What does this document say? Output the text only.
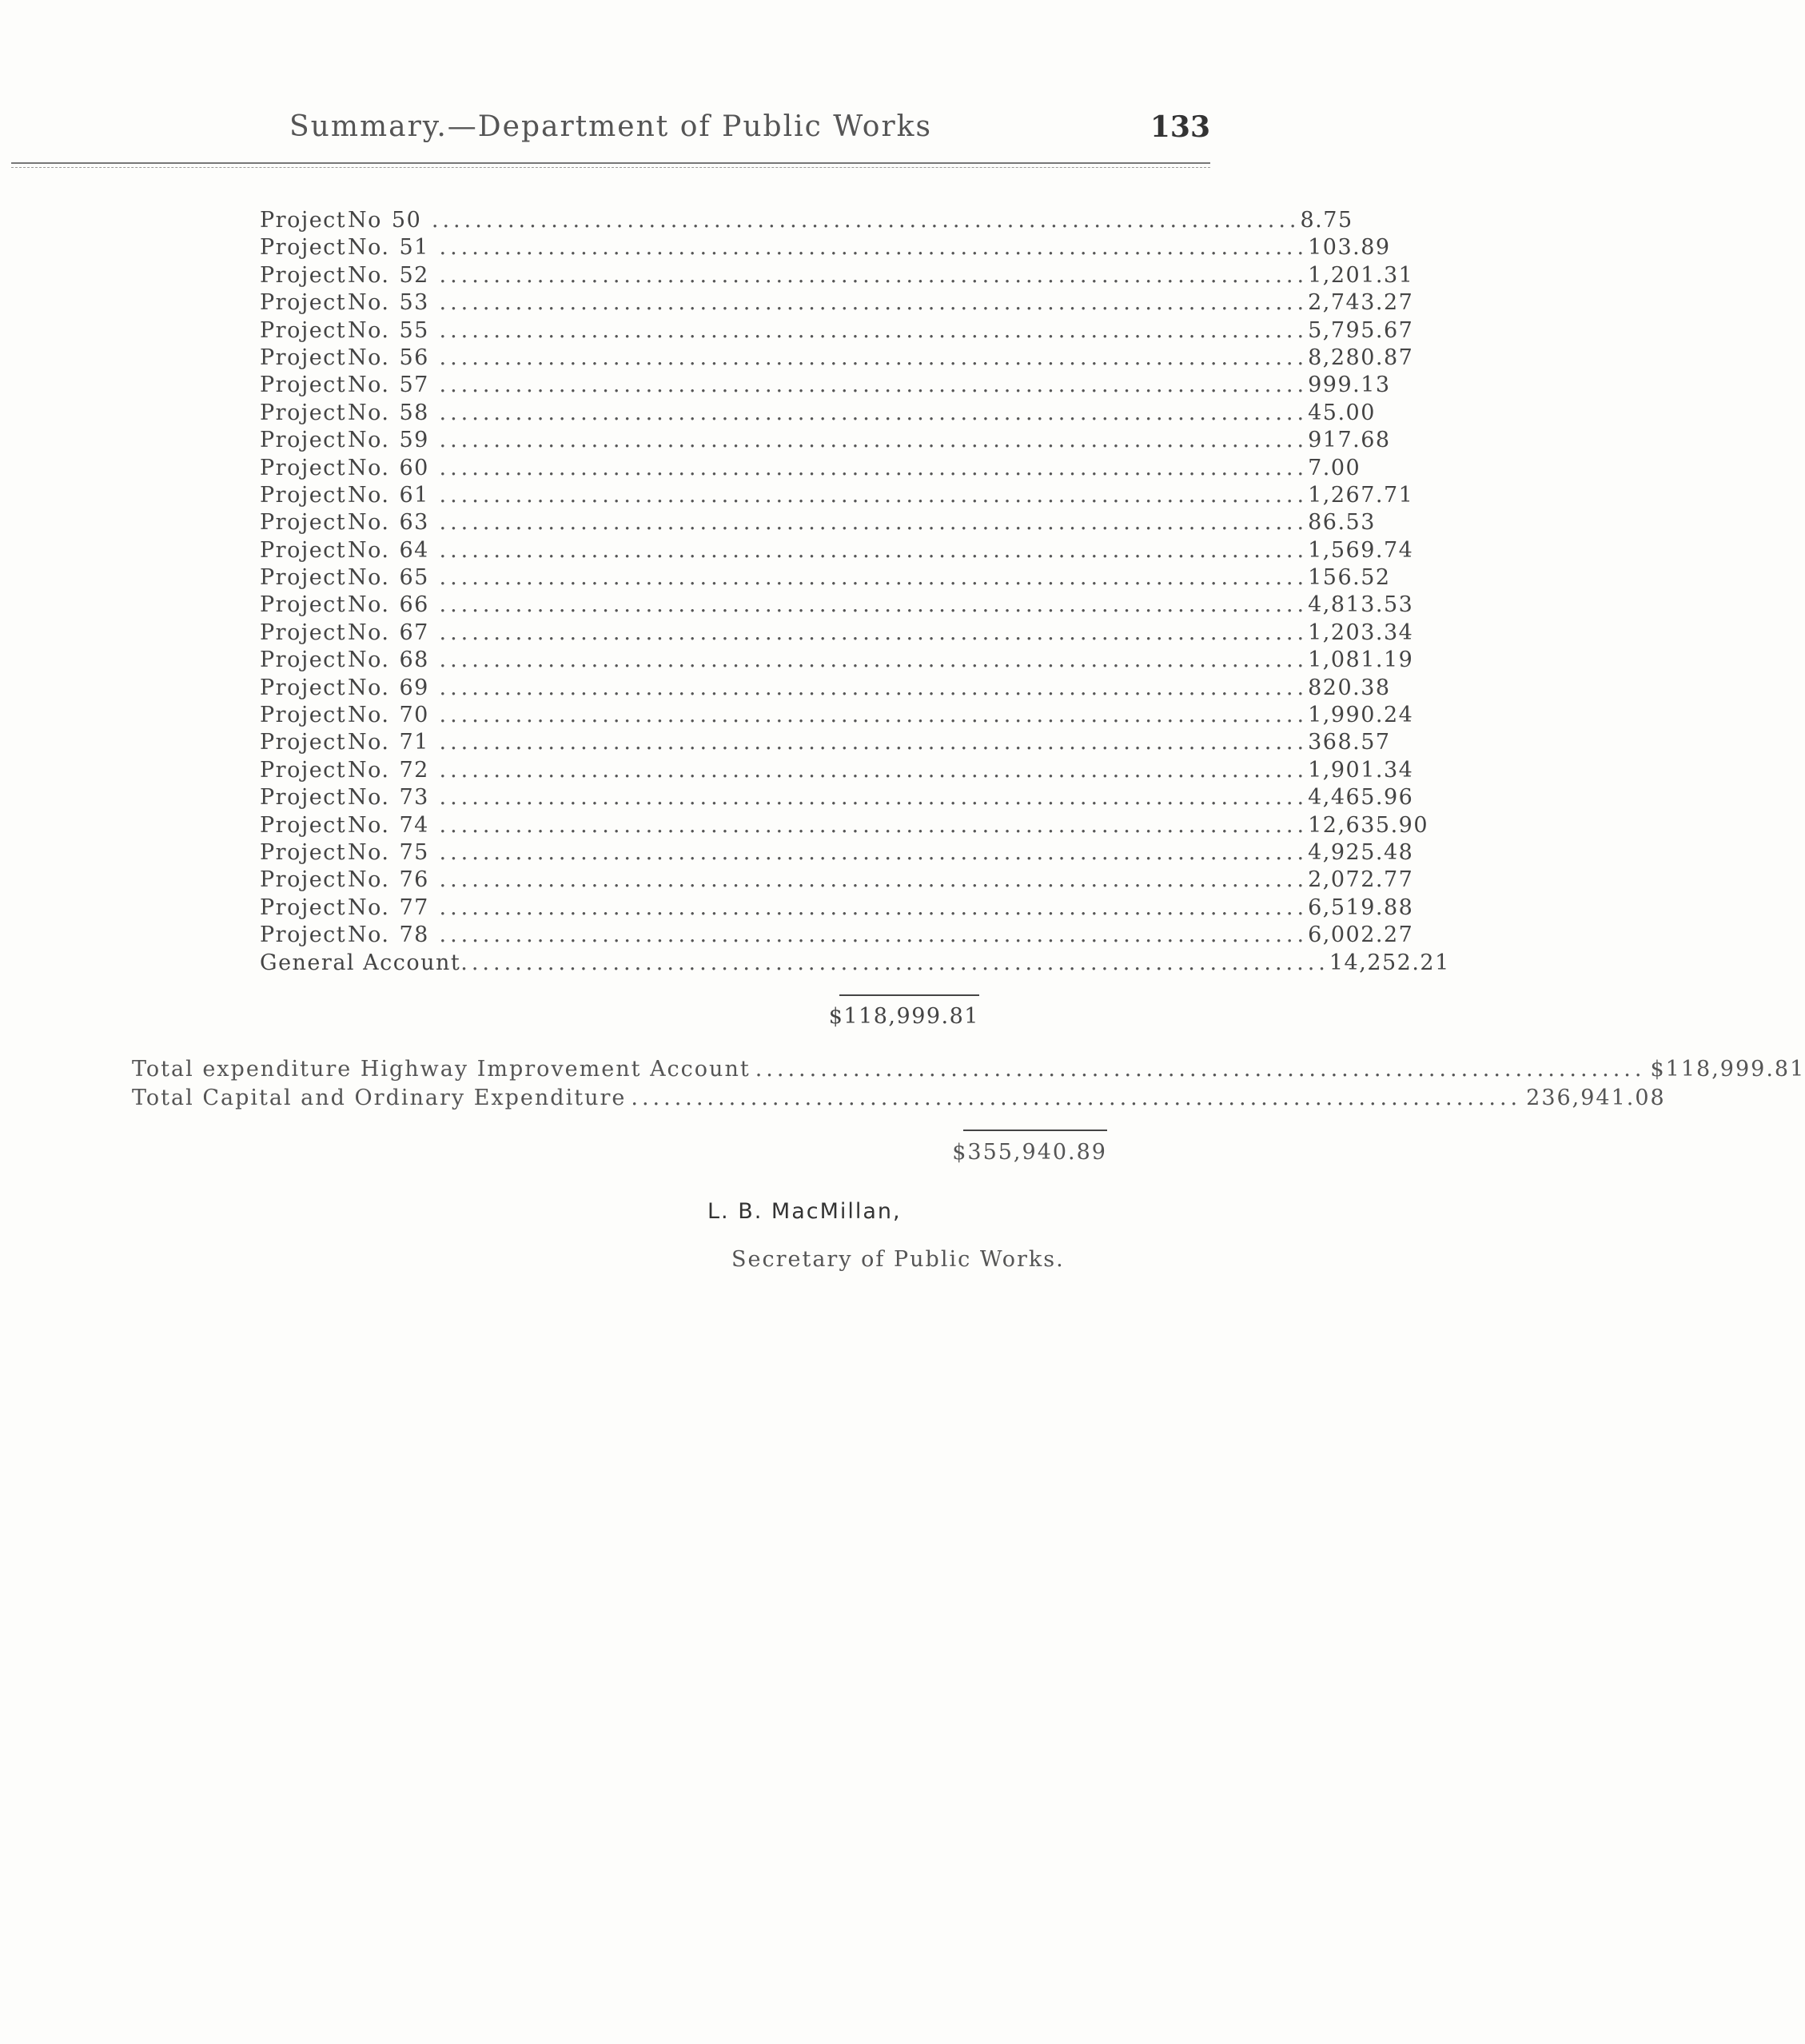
Summary.—Department of Public Works	133
ProjectNo 50 ................................................................................ 8.75
ProjectNo. 51 ................................................................................ 103.89
ProjectNo. 52 ................................................................................ 1,201.31
ProjectNo. 53 ................................................................................ 2,743.27
ProjectNo. 55 ................................................................................ 5,795.67
ProjectNo. 56 ................................................................................ 8,280.87
ProjectNo. 57 ................................................................................ 999.13
ProjectNo. 58 ................................................................................ 45.00
ProjectNo. 59 ................................................................................ 917.68
ProjectNo. 60 ................................................................................ 7.00
ProjectNo. 61 ................................................................................ 1,267.71
ProjectNo. 63 ................................................................................ 86.53
ProjectNo. 64 ................................................................................ 1,569.74
ProjectNo. 65 ................................................................................ 156.52
ProjectNo. 66 ................................................................................ 4,813.53
ProjectNo. 67 ................................................................................ 1,203.34
ProjectNo. 68 ................................................................................ 1,081.19
ProjectNo. 69 ................................................................................ 820.38
ProjectNo. 70 ................................................................................ 1,990.24
ProjectNo. 71 ................................................................................ 368.57
ProjectNo. 72 ................................................................................ 1,901.34
ProjectNo. 73 ................................................................................ 4,465.96
ProjectNo. 74 ................................................................................ 12,635.90
ProjectNo. 75 ................................................................................ 4,925.48
ProjectNo. 76 ................................................................................ 2,072.77
ProjectNo. 77 ................................................................................ 6,519.88
ProjectNo. 78 ................................................................................ 6,002.27
General Account ................................................................................ 14,252.21
$118,999.81
Total expenditure Highway Improvement Account .................................................................................. $118,999.81
Total Capital and Ordinary Expenditure .................................................................................. 236,941.08
$355,940.89
L. B. MacMillan,
Secretary of Public Works.
